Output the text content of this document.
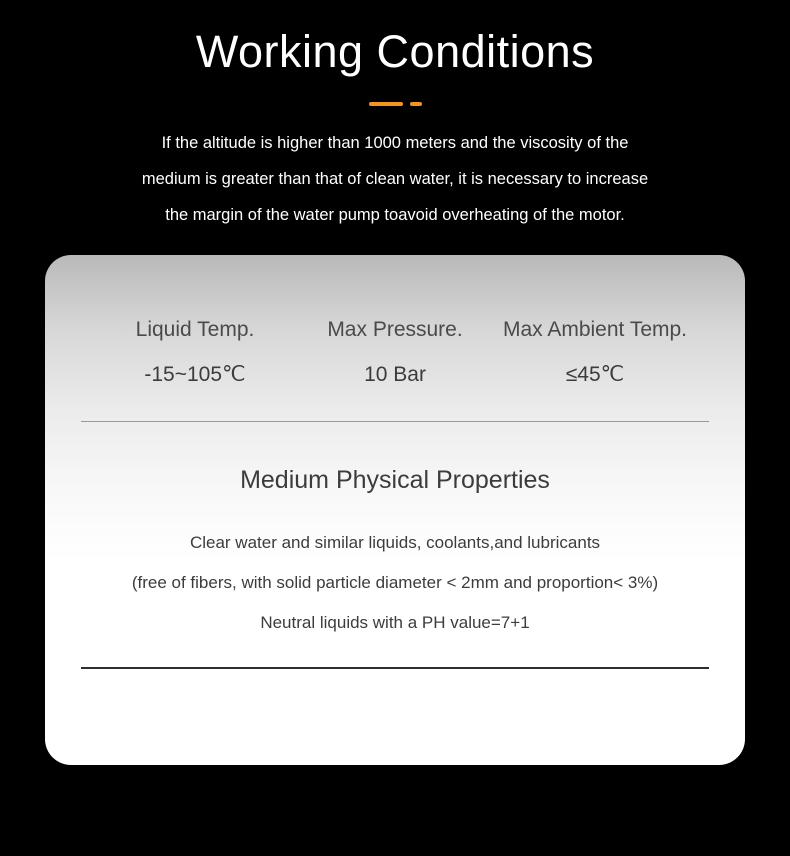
Working Conditions

If the altitude is higher than 1000 meters and the viscosity of the

medium is greater than that of clean water, it is necessary to increase

the margin of the water pump toavoid overheating of the motor.

Liquid Temp.
-15~105℃
Max Pressure.
10 Bar
Max Ambient Temp.
≤45℃
Medium Physical Properties

Clear water and similar liquids, coolants,and lubricants

(free of fibers, with solid particle diameter < 2mm and proportion< 3%)

Neutral liquids with a PH value=7+1
